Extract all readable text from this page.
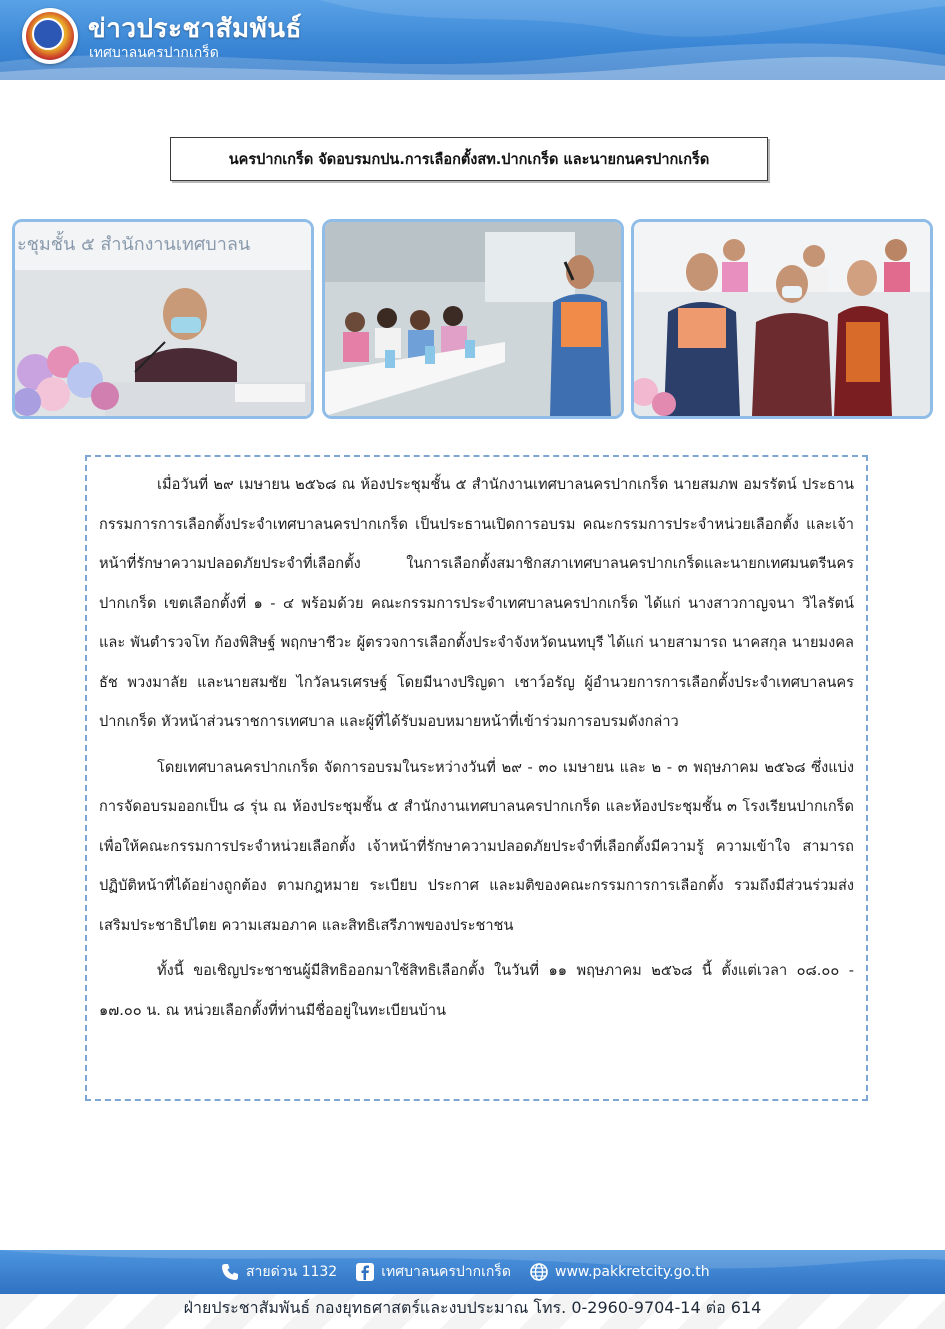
ข่าวประชาสัมพันธ์
เทศบาลนครปากเกร็ด
นครปากเกร็ด จัดอบรมกปน.การเลือกตั้งสท.ปากเกร็ด และนายกนครปากเกร็ด
ะชุมชั้น ๕ สำนักงานเทศบาลน

เมื่อวันที่ ๒๙ เมษายน ๒๕๖๘ ณ ห้องประชุมชั้น ๕ สำนักงานเทศบาลนครปากเกร็ด นายสมภพ อมรรัตน์ ประธานกรรมการการเลือกตั้งประจำเทศบาลนครปากเกร็ด เป็นประธานเปิดการอบรม คณะกรรมการประจำหน่วยเลือกตั้ง และเจ้าหน้าที่รักษาความปลอดภัยประจำที่เลือกตั้ง ในการเลือกตั้งสมาชิกสภาเทศบาลนครปากเกร็ดและนายกเทศมนตรีนครปากเกร็ด เขตเลือกตั้งที่ ๑ - ๔ พร้อมด้วย คณะกรรมการประจำเทศบาลนครปากเกร็ด ได้แก่ นางสาวกาญจนา วิไลรัตน์ และ พันตำรวจโท ก้องพิสิษฐ์ พฤกษาชีวะ ผู้ตรวจการเลือกตั้งประจำจังหวัดนนทบุรี ได้แก่ นายสามารถ นาคสกุล นายมงคลธัช พวงมาลัย และนายสมชัย ไกวัลนรเศรษฐ์ โดยมีนางปริญดา เชาว์อรัญ ผู้อำนวยการการเลือกตั้งประจำเทศบาลนครปากเกร็ด หัวหน้าส่วนราชการเทศบาล และผู้ที่ได้รับมอบหมายหน้าที่เข้าร่วมการอบรมดังกล่าว

โดยเทศบาลนครปากเกร็ด จัดการอบรมในระหว่างวันที่ ๒๙ - ๓๐ เมษายน และ ๒ - ๓ พฤษภาคม ๒๕๖๘ ซึ่งแบ่งการจัดอบรมออกเป็น ๘ รุ่น ณ ห้องประชุมชั้น ๕ สำนักงานเทศบาลนครปากเกร็ด และห้องประชุมชั้น ๓ โรงเรียนปากเกร็ด เพื่อให้คณะกรรมการประจำหน่วยเลือกตั้ง เจ้าหน้าที่รักษาความปลอดภัยประจำที่เลือกตั้งมีความรู้ ความเข้าใจ สามารถปฏิบัติหน้าที่ได้อย่างถูกต้อง ตามกฎหมาย ระเบียบ ประกาศ และมติของคณะกรรมการการเลือกตั้ง รวมถึงมีส่วนร่วมส่งเสริมประชาธิปไตย ความเสมอภาค และสิทธิเสรีภาพของประชาชน

ทั้งนี้ ขอเชิญประชาชนผู้มีสิทธิออกมาใช้สิทธิเลือกตั้ง ในวันที่ ๑๑ พฤษภาคม ๒๕๖๘ นี้ ตั้งแต่เวลา ๐๘.๐๐ - ๑๗.๐๐ น. ณ หน่วยเลือกตั้งที่ท่านมีชื่ออยู่ในทะเบียนบ้าน

สายด่วน 1132	เทศบาลนครปากเกร็ด	www.pakkretcity.go.th
ฝ่ายประชาสัมพันธ์ กองยุทธศาสตร์และงบประมาณ โทร. 0-2960-9704-14 ต่อ 614
